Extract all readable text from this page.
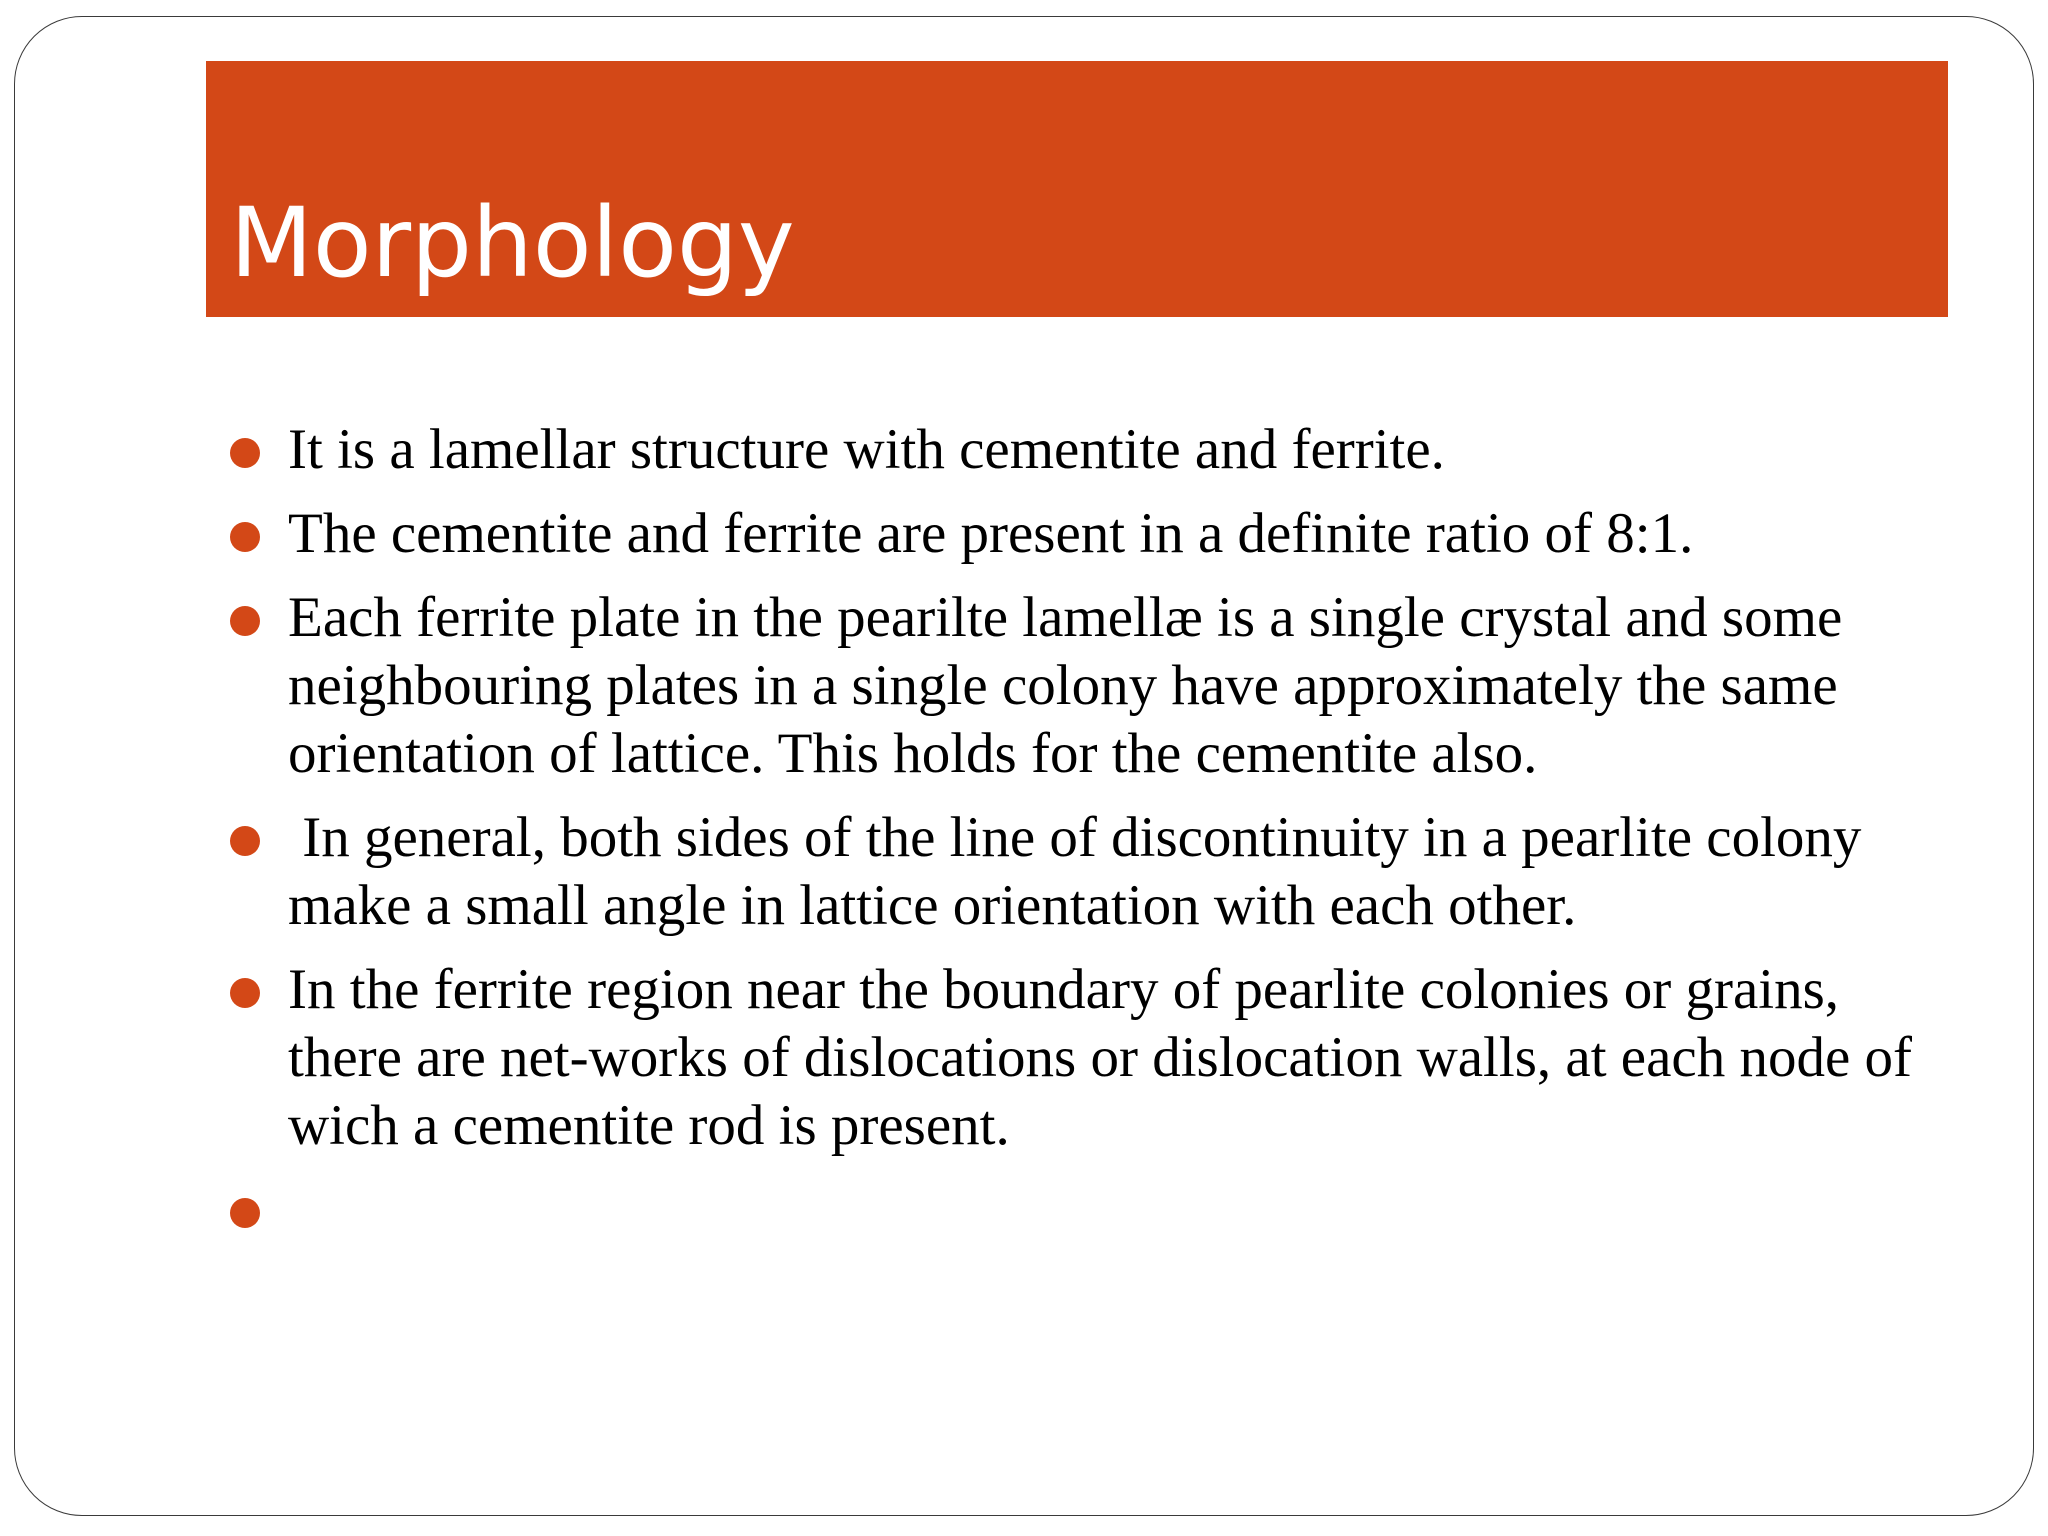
Morphology
It is a lamellar structure with cementite and ferrite.
The cementite and ferrite are present in a definite ratio of 8:1.
Each ferrite plate in the pearilte lamellæ is a single crystal and some neighbouring plates in a single colony have approximately the same orientation of lattice. This holds for the cementite also.
In general, both sides of the line of discontinuity in a pearlite colony make a small angle in lattice orientation with each other.
In the ferrite region near the boundary of pearlite colonies or grains, there are net-works of dislocations or dislocation walls, at each node of wich a cementite rod is present.
